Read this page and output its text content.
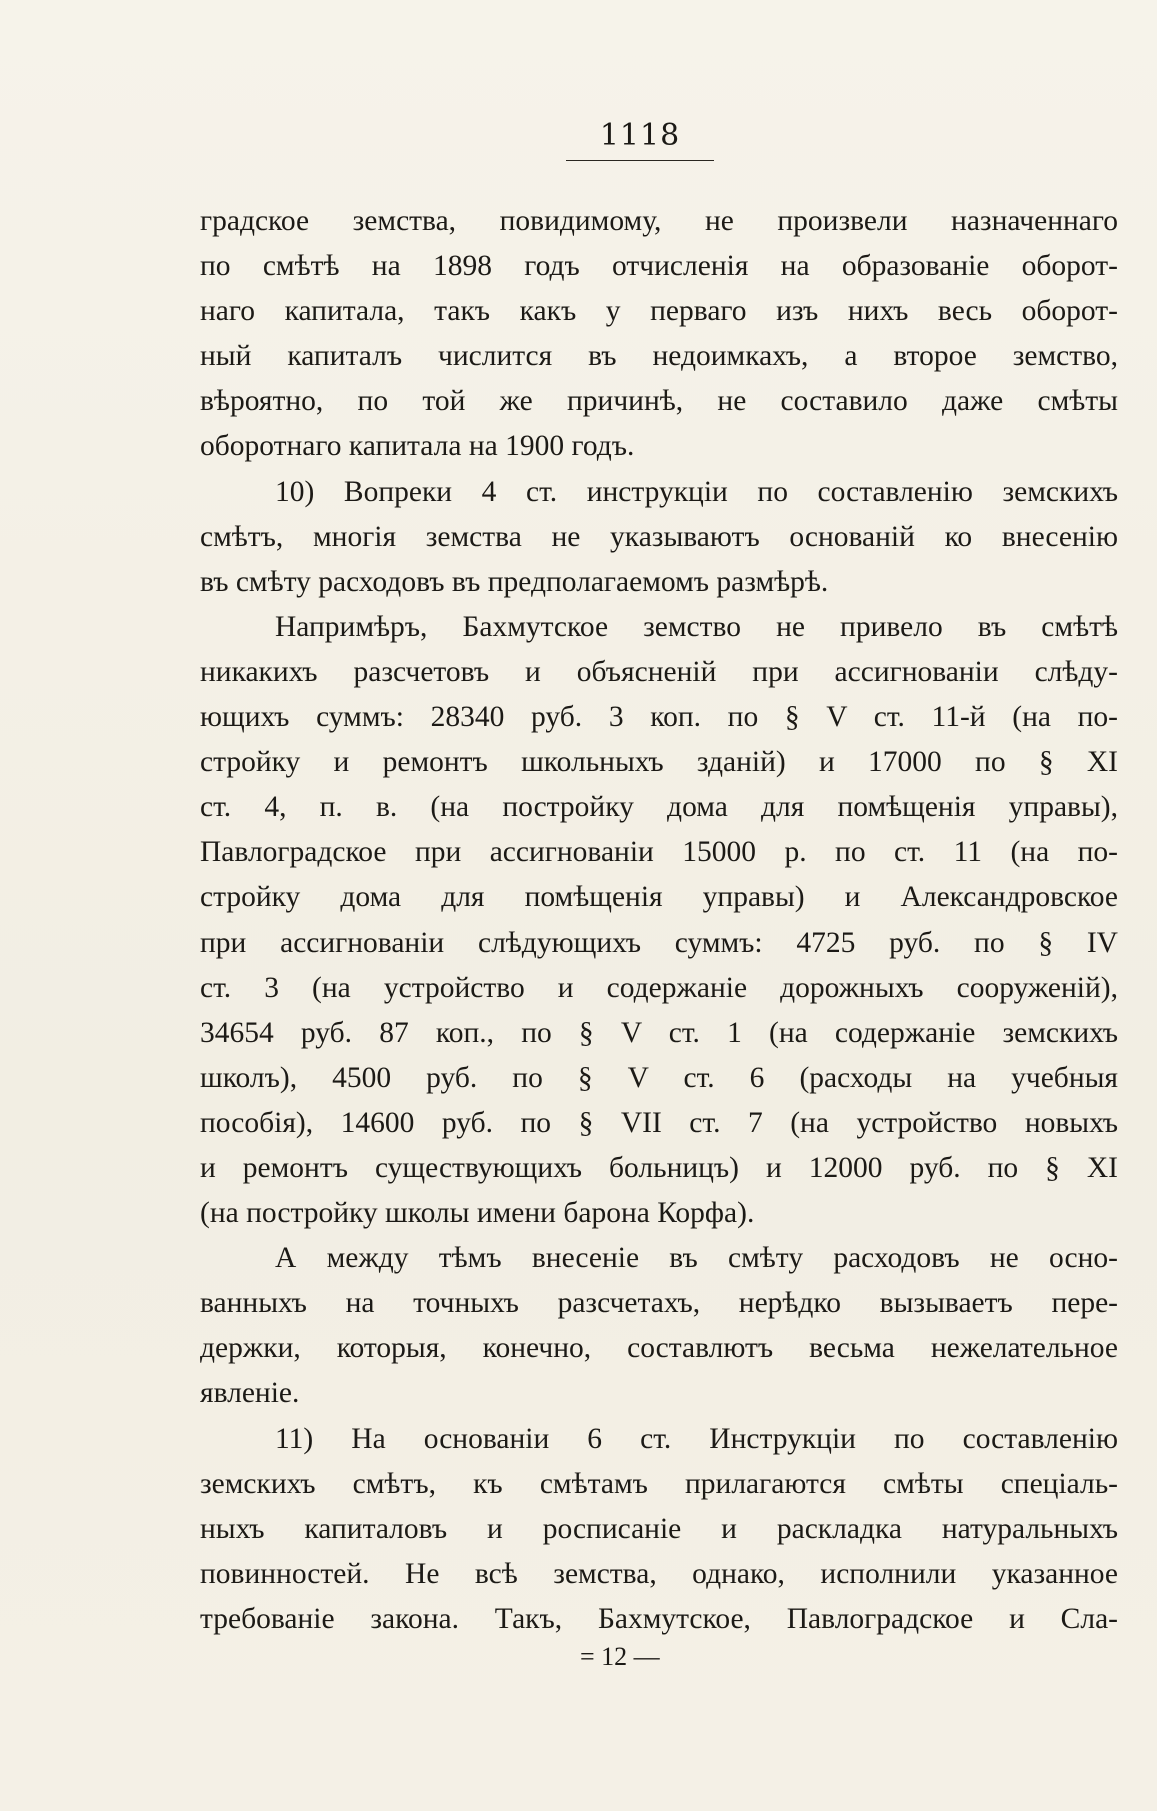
1118
градское земства, повидимому, не произвели назначеннаго
по смѣтѣ на 1898 годъ отчисленія на образованіе оборот-
наго капитала, такъ какъ у перваго изъ нихъ весь оборот-
ный капиталъ числится въ недоимкахъ, а второе земство,
вѣроятно, по той же причинѣ, не составило даже смѣты
оборотнаго капитала на 1900 годъ.
10) Вопреки 4 ст. инструкціи по составленію земскихъ
смѣтъ, многія земства не указываютъ основаній ко внесенію
въ смѣту расходовъ въ предполагаемомъ размѣрѣ.
Напримѣръ, Бахмутское земство не привело въ смѣтѣ
никакихъ разсчетовъ и объясненій при ассигнованіи слѣду-
ющихъ суммъ: 28340 руб. 3 коп. по § V ст. 11-й (на по-
стройку и ремонтъ школьныхъ зданій) и 17000 по § XI
ст. 4, п. в. (на постройку дома для помѣщенія управы),
Павлоградское при ассигнованіи 15000 р. по ст. 11 (на по-
стройку дома для помѣщенія управы) и Александровское
при ассигнованіи слѣдующихъ суммъ: 4725 руб. по § IV
ст. 3 (на устройство и содержаніе дорожныхъ сооруженій),
34654 руб. 87 коп., по § V ст. 1 (на содержаніе земскихъ
школъ), 4500 руб. по § V ст. 6 (расходы на учебныя
пособія), 14600 руб. по § VII ст. 7 (на устройство новыхъ
и ремонтъ существующихъ больницъ) и 12000 руб. по § XI
(на постройку школы имени барона Корфа).
А между тѣмъ внесеніе въ смѣту расходовъ не осно-
ванныхъ на точныхъ разсчетахъ, нерѣдко вызываетъ пере-
держки, которыя, конечно, составлютъ весьма нежелательное
явленіе.
11) На основаніи 6 ст. Инструкціи по составленію
земскихъ смѣтъ, къ смѣтамъ прилагаются смѣты спеціаль-
ныхъ капиталовъ и росписаніе и раскладка натуральныхъ
повинностей. Не всѣ земства, однако, исполнили указанное
требованіе закона. Такъ, Бахмутское, Павлоградское и Сла-
= 12 —
